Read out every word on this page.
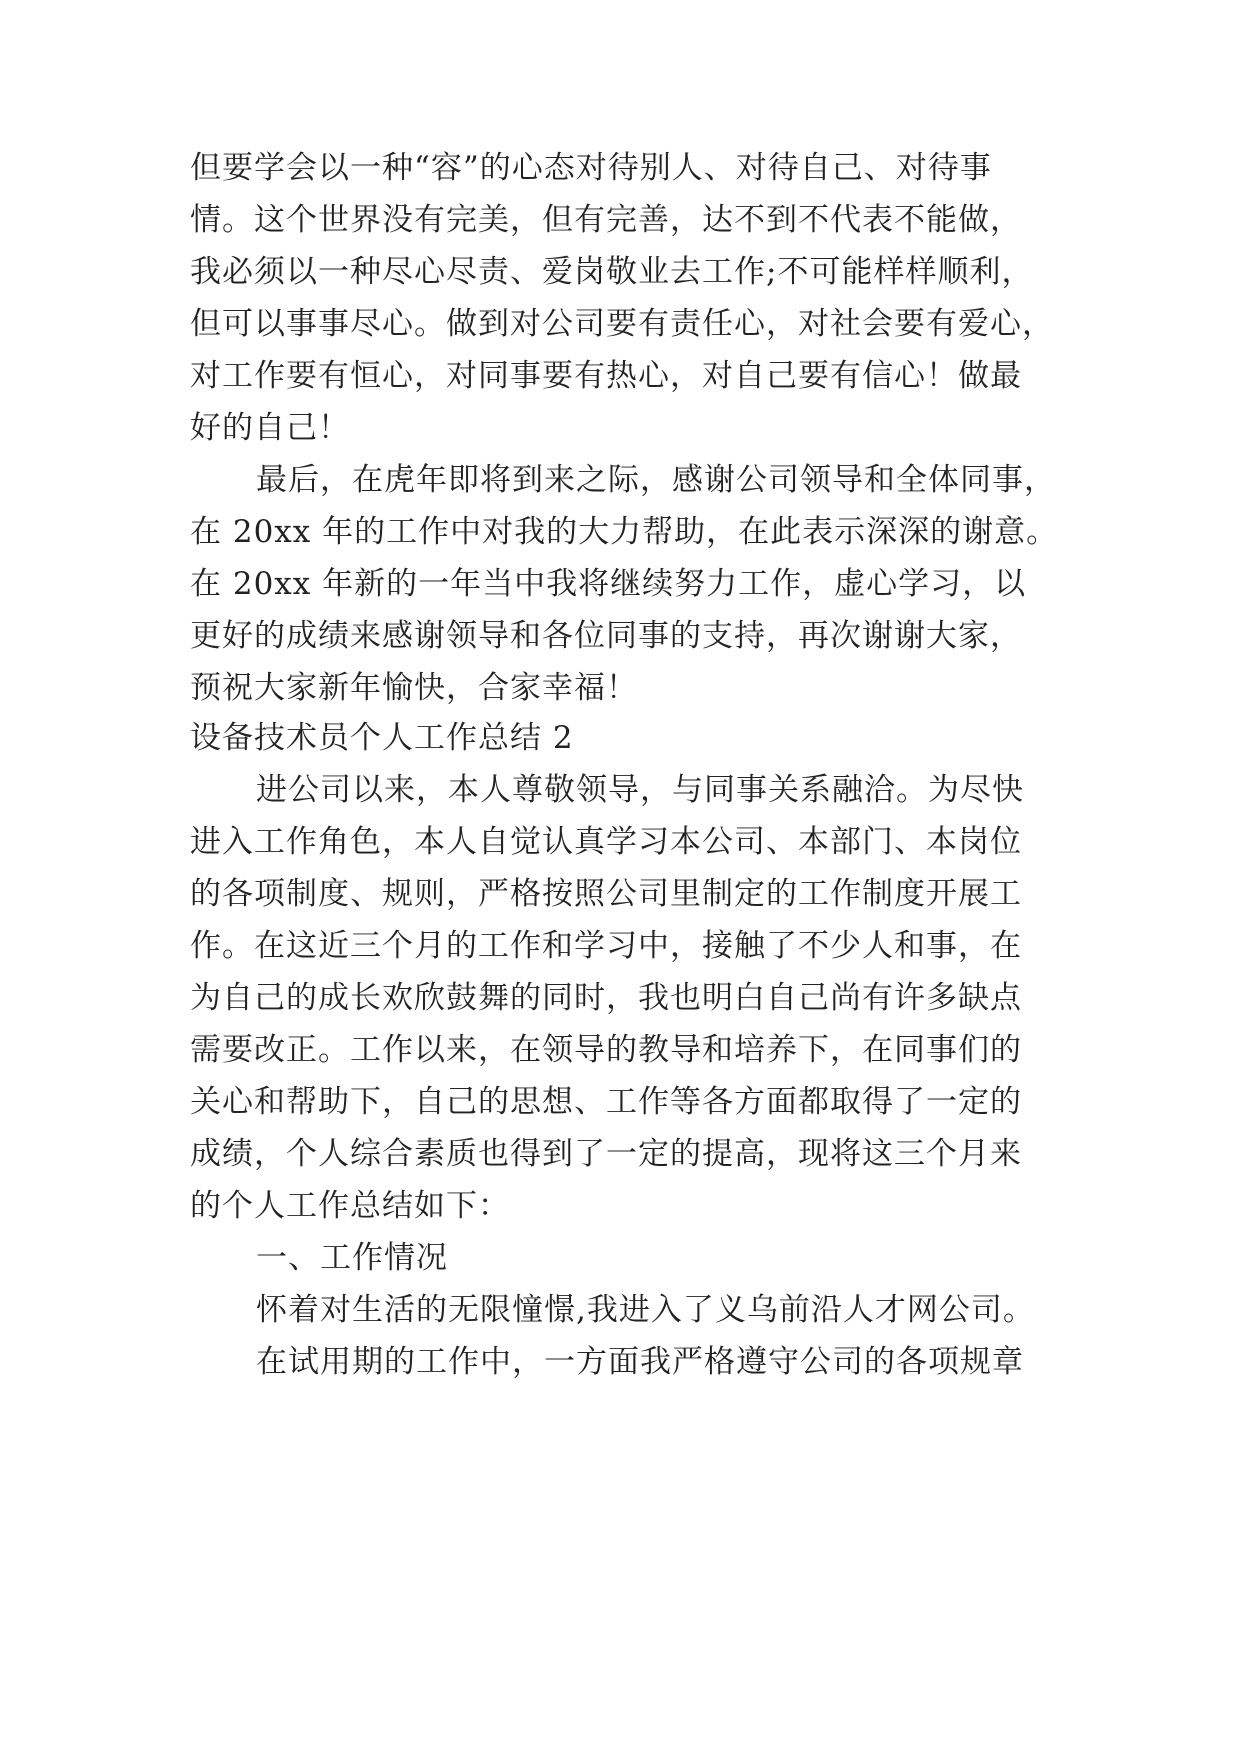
但要学会以一种“容”的心态对待别人、对待自己、对待事
情。这个世界没有完美，但有完善，达不到不代表不能做，
我必须以一种尽心尽责、爱岗敬业去工作;不可能样样顺利，
但可以事事尽心。做到对公司要有责任心，对社会要有爱心，
对工作要有恒心，对同事要有热心，对自己要有信心！做最
好的自己！
最后，在虎年即将到来之际，感谢公司领导和全体同事，
在 20xx 年的工作中对我的大力帮助，在此表示深深的谢意。
在 20xx 年新的一年当中我将继续努力工作，虚心学习，以
更好的成绩来感谢领导和各位同事的支持，再次谢谢大家，
预祝大家新年愉快，合家幸福！
设备技术员个人工作总结 2
进公司以来，本人尊敬领导，与同事关系融洽。为尽快
进入工作角色，本人自觉认真学习本公司、本部门、本岗位
的各项制度、规则，严格按照公司里制定的工作制度开展工
作。在这近三个月的工作和学习中，接触了不少人和事，在
为自己的成长欢欣鼓舞的同时，我也明白自己尚有许多缺点
需要改正。工作以来，在领导的教导和培养下，在同事们的
关心和帮助下，自己的思想、工作等各方面都取得了一定的
成绩，个人综合素质也得到了一定的提高，现将这三个月来
的个人工作总结如下：
一、工作情况
怀着对生活的无限憧憬,我进入了义乌前沿人才网公司。
在试用期的工作中，一方面我严格遵守公司的各项规章
